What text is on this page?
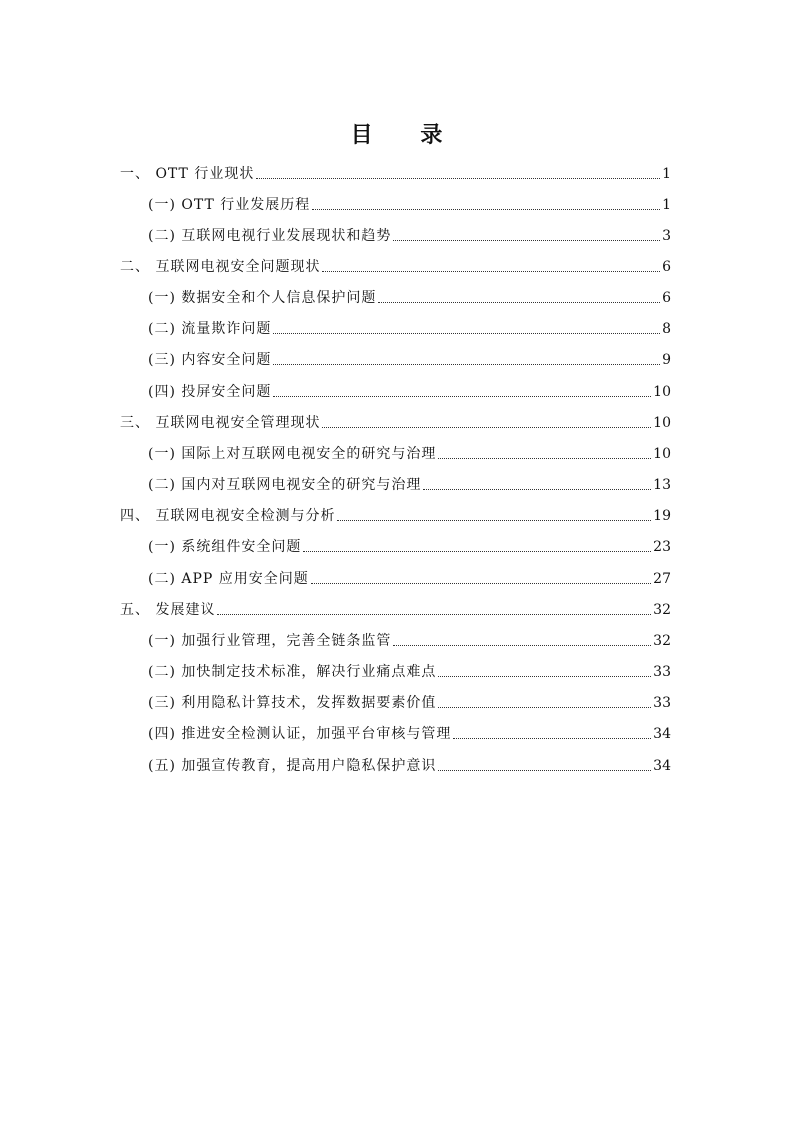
目 录
一、 OTT 行业现状	1
(一) OTT 行业发展历程	1
(二) 互联网电视行业发展现状和趋势	3
二、 互联网电视安全问题现状	6
(一) 数据安全和个人信息保护问题	6
(二) 流量欺诈问题	8
(三) 内容安全问题	9
(四) 投屏安全问题	10
三、 互联网电视安全管理现状	10
(一) 国际上对互联网电视安全的研究与治理	10
(二) 国内对互联网电视安全的研究与治理	13
四、 互联网电视安全检测与分析	19
(一) 系统组件安全问题	23
(二) APP 应用安全问题	27
五、 发展建议	32
(一) 加强行业管理，完善全链条监管	32
(二) 加快制定技术标准，解决行业痛点难点	33
(三) 利用隐私计算技术，发挥数据要素价值	33
(四) 推进安全检测认证，加强平台审核与管理	34
(五) 加强宣传教育，提高用户隐私保护意识	34
